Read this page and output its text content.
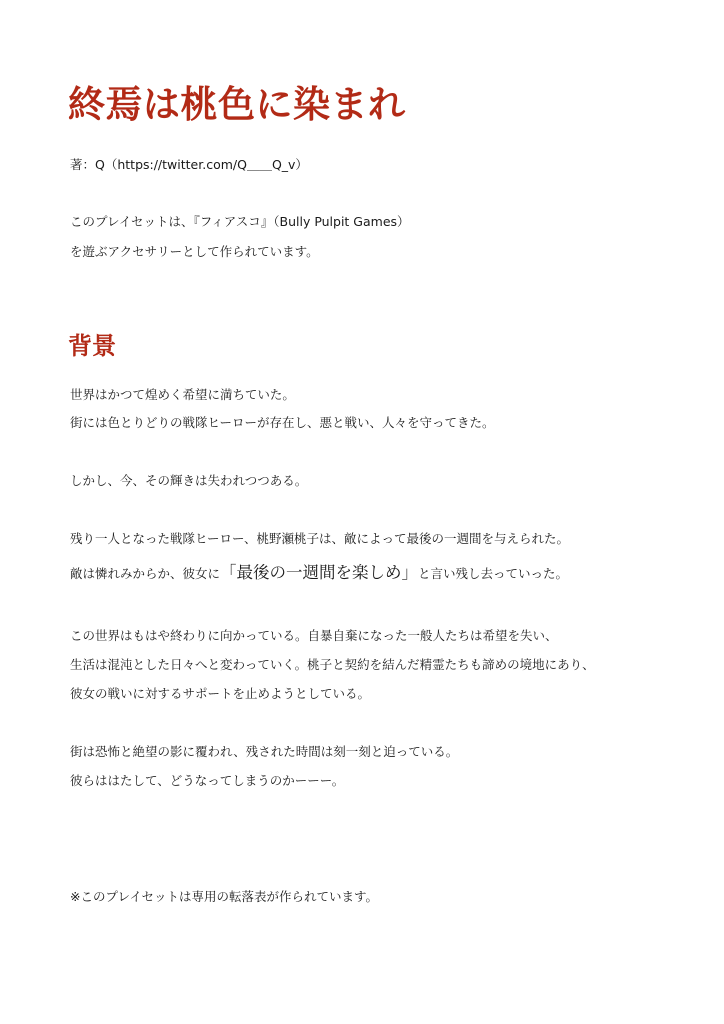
終焉は桃色に染まれ
著：Q（https://twitter.com/Q＿＿Q_v）
このプレイセットは、『フィアスコ』（Bully Pulpit Games）
を遊ぶアクセサリーとして作られています。
背景
世界はかつて煌めく希望に満ちていた。
街には色とりどりの戦隊ヒーローが存在し、悪と戦い、人々を守ってきた。
しかし、今、その輝きは失われつつある。
残り一人となった戦隊ヒーロー、桃野瀬桃子は、敵によって最後の一週間を与えられた。
敵は憐れみからか、彼女に「最後の一週間を楽しめ」と言い残し去っていった。
この世界はもはや終わりに向かっている。自暴自棄になった一般人たちは希望を失い、
生活は混沌とした日々へと変わっていく。桃子と契約を結んだ精霊たちも諦めの境地にあり、
彼女の戦いに対するサポートを止めようとしている。
街は恐怖と絶望の影に覆われ、残された時間は刻一刻と迫っている。
彼らははたして、どうなってしまうのかーーー。
※このプレイセットは専用の転落表が作られています。
